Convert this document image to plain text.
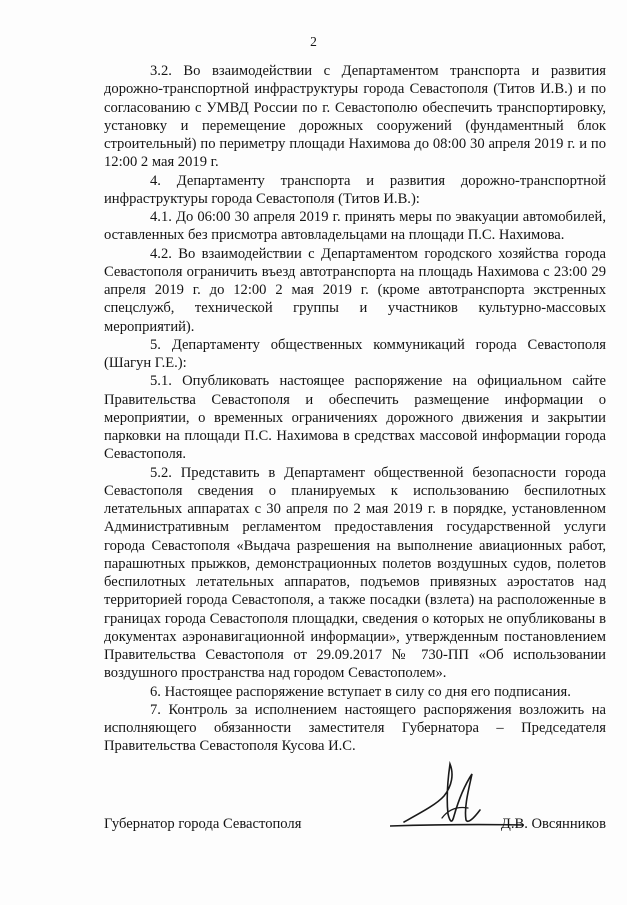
2

3.2. Во взаимодействии с Департаментом транспорта и развития дорожно-транспортной инфраструктуры города Севастополя (Титов И.В.) и по согласованию с УМВД России по г. Севастополю обеспечить транспортировку, установку и перемещение дорожных сооружений (фундаментный блок строительный) по периметру площади Нахимова до 08:00 30 апреля 2019 г. и по 12:00 2 мая 2019 г.

4. Департаменту транспорта и развития дорожно-транспортной инфраструктуры города Севастополя (Титов И.В.):

4.1. До 06:00 30 апреля 2019 г. принять меры по эвакуации автомобилей, оставленных без присмотра автовладельцами на площади П.С. Нахимова.

4.2. Во взаимодействии с Департаментом городского хозяйства города Севастополя ограничить въезд автотранспорта на площадь Нахимова с 23:00 29 апреля 2019 г. до 12:00 2 мая 2019 г. (кроме автотранспорта экстренных спецслужб, технической группы и участников культурно-массовых мероприятий).

5. Департаменту общественных коммуникаций города Севастополя (Шагун Г.Е.):

5.1. Опубликовать настоящее распоряжение на официальном сайте Правительства Севастополя и обеспечить размещение информации о мероприятии, о временных ограничениях дорожного движения и закрытии парковки на площади П.С. Нахимова в средствах массовой информации города Севастополя.

5.2. Представить в Департамент общественной безопасности города Севастополя сведения о планируемых к использованию беспилотных летательных аппаратах с 30 апреля по 2 мая 2019 г. в порядке, установленном Административным регламентом предоставления государственной услуги города Севастополя «Выдача разрешения на выполнение авиационных работ, парашютных прыжков, демонстрационных полетов воздушных судов, полетов беспилотных летательных аппаратов, подъемов привязных аэростатов над территорией города Севастополя, а также посадки (взлета) на расположенные в границах города Севастополя площадки, сведения о которых не опубликованы в документах аэронавигационной информации», утвержденным постановлением Правительства Севастополя от 29.09.2017 № 730-ПП «Об использовании воздушного пространства над городом Севастополем».

6. Настоящее распоряжение вступает в силу со дня его подписания.

7. Контроль за исполнением настоящего распоряжения возложить на исполняющего обязанности заместителя Губернатора – Председателя Правительства Севастополя Кусова И.С.

Губернатор города Севастополя	Д.В. Овсянников
